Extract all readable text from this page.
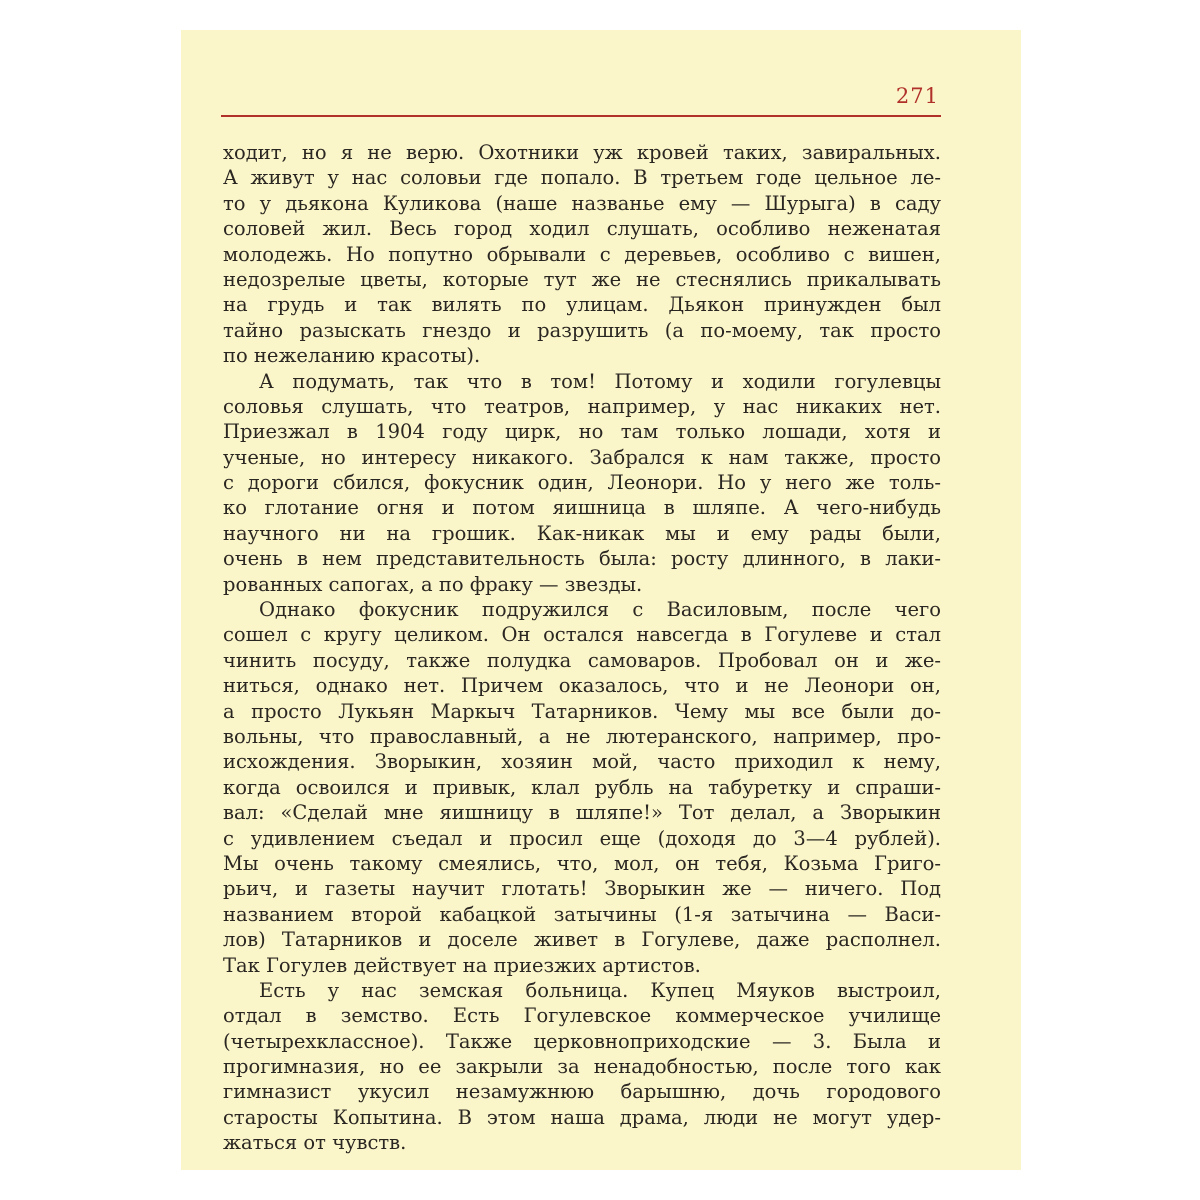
271
ходит, но я не верю. Охотники уж кровей таких, завиральных.
А живут у нас соловьи где попало. В третьем годе цельное ле-
то у дьякона Куликова (наше названье ему — Шурыга) в саду
соловей жил. Весь город ходил слушать, особливо неженатая
молодежь. Но попутно обрывали с деревьев, особливо с вишен,
недозрелые цветы, которые тут же не стеснялись прикалывать
на грудь и так вилять по улицам. Дьякон принужден был
тайно разыскать гнездо и разрушить (а по-моему, так просто
по нежеланию красоты).
А подумать, так что в том! Потому и ходили гогулевцы
соловья слушать, что театров, например, у нас никаких нет.
Приезжал в 1904 году цирк, но там только лошади, хотя и
ученые, но интересу никакого. Забрался к нам также, просто
с дороги сбился, фокусник один, Леонори. Но у него же толь-
ко глотание огня и потом яишница в шляпе. А чего-нибудь
научного ни на грошик. Как-никак мы и ему рады были,
очень в нем представительность была: росту длинного, в лаки-
рованных сапогах, а по фраку — звезды.
Однако фокусник подружился с Василовым, после чего
сошел с кругу целиком. Он остался навсегда в Гогулеве и стал
чинить посуду, также полудка самоваров. Пробовал он и же-
ниться, однако нет. Причем оказалось, что и не Леонори он,
а просто Лукьян Маркыч Татарников. Чему мы все были до-
вольны, что православный, а не лютеранского, например, про-
исхождения. Зворыкин, хозяин мой, часто приходил к нему,
когда освоился и привык, клал рубль на табуретку и спраши-
вал: «Сделай мне яишницу в шляпе!» Тот делал, а Зворыкин
с удивлением съедал и просил еще (доходя до 3—4 рублей).
Мы очень такому смеялись, что, мол, он тебя, Козьма Григо-
рьич, и газеты научит глотать! Зворыкин же — ничего. Под
названием второй кабацкой затычины (1-я затычина — Васи-
лов) Татарников и доселе живет в Гогулеве, даже располнел.
Так Гогулев действует на приезжих артистов.
Есть у нас земская больница. Купец Мяуков выстроил,
отдал в земство. Есть Гогулевское коммерческое училище
(четырехклассное). Также церковноприходские — 3. Была и
прогимназия, но ее закрыли за ненадобностью, после того как
гимназист укусил незамужнюю барышню, дочь городового
старосты Копытина. В этом наша драма, люди не могут удер-
жаться от чувств.
